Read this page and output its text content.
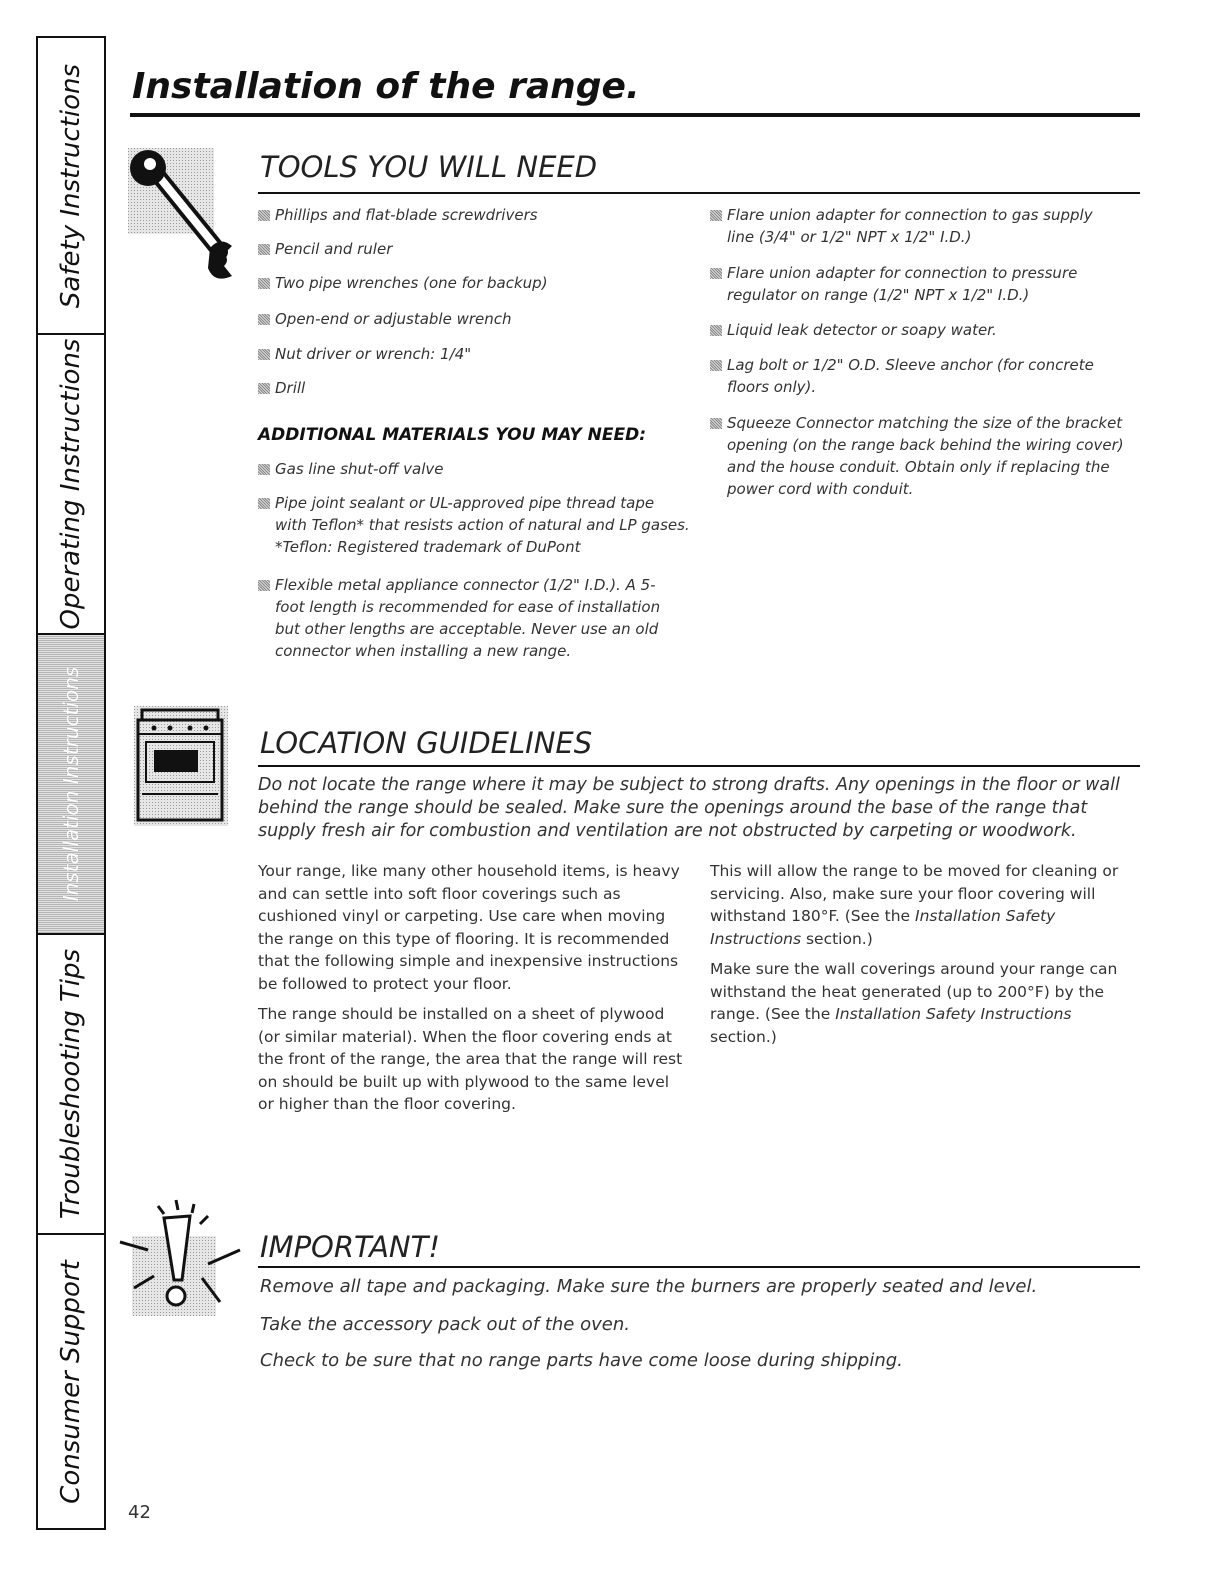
Safety Instructions
Operating Instructions
Installation Instructions
Troubleshooting Tips
Consumer Support
Installation of the range.
TOOLS YOU WILL NEED
Phillips and flat-blade screwdrivers
Pencil and ruler
Two pipe wrenches (one for backup)
Open-end or adjustable wrench
Nut driver or wrench: 1/4"
Drill
ADDITIONAL MATERIALS YOU MAY NEED:
Gas line shut-off valve
Pipe joint sealant or UL-approved pipe thread tape
with Teflon* that resists action of natural and LP gases.
*Teflon: Registered trademark of DuPont
Flexible metal appliance connector (1/2" I.D.). A 5-
foot length is recommended for ease of installation
but other lengths are acceptable. Never use an old
connector when installing a new range.
Flare union adapter for connection to gas supply
line (3/4" or 1/2" NPT x 1/2" I.D.)
Flare union adapter for connection to pressure
regulator on range (1/2" NPT x 1/2" I.D.)
Liquid leak detector or soapy water.
Lag bolt or 1/2" O.D. Sleeve anchor (for concrete
floors only).
Squeeze Connector matching the size of the bracket
opening (on the range back behind the wiring cover)
and the house conduit. Obtain only if replacing the
power cord with conduit.
LOCATION GUIDELINES
Do not locate the range where it may be subject to strong drafts. Any openings in the floor or wall behind the range should be sealed. Make sure the openings around the base of the range that supply fresh air for combustion and ventilation are not obstructed by carpeting or woodwork.

Your range, like many other household items, is heavy and can settle into soft floor coverings such as cushioned vinyl or carpeting. Use care when moving the range on this type of flooring. It is recommended that the following simple and inexpensive instructions be followed to protect your floor.

The range should be installed on a sheet of plywood (or similar material). When the floor covering ends at the front of the range, the area that the range will rest on should be built up with plywood to the same level or higher than the floor covering.

This will allow the range to be moved for cleaning or servicing. Also, make sure your floor covering will withstand 180°F. (See the Installation Safety Instructions section.)

Make sure the wall coverings around your range can withstand the heat generated (up to 200°F) by the range. (See the Installation Safety Instructions section.)

IMPORTANT!
Remove all tape and packaging. Make sure the burners are properly seated and level.
Take the accessory pack out of the oven.
Check to be sure that no range parts have come loose during shipping.
42
